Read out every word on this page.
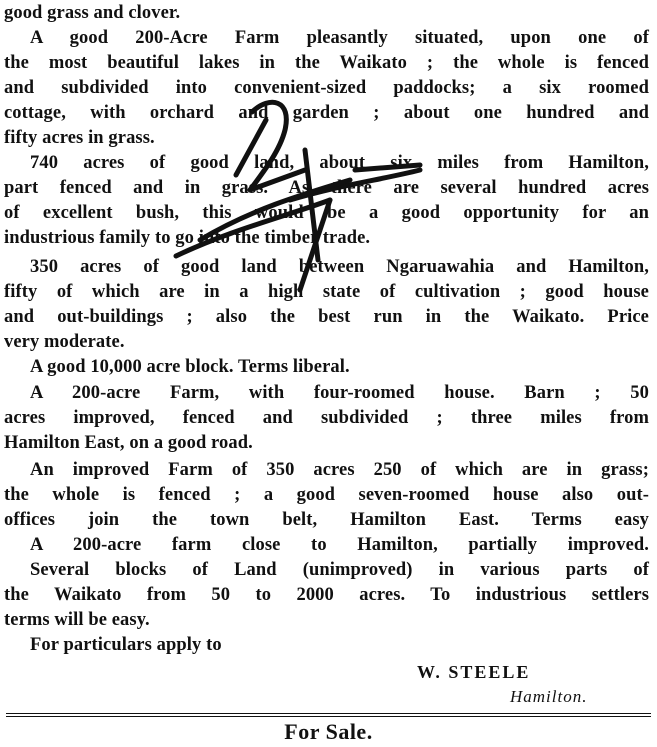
good grass and clover.
A good 200-Acre Farm pleasantly situated, upon one of
the most beautiful lakes in the Waikato ; the whole is fenced
and subdivided into convenient-sized paddocks; a six roomed
cottage, with orchard and garden ; about one hundred and
fifty acres in grass.
740 acres of good land, about six miles from Hamilton,
part fenced and in grass. As there are several hundred acres
of excellent bush, this would be a good opportunity for an
industrious family to go into the timber trade.
350 acres of good land between Ngaruawahia and Hamilton,
fifty of which are in a high state of cultivation ; good house
and out-buildings ; also the best run in the Waikato. Price
very moderate.
A good 10,000 acre block. Terms liberal.
A 200-acre Farm, with four-roomed house. Barn ; 50
acres improved, fenced and subdivided ; three miles from
Hamilton East, on a good road.
An improved Farm of 350 acres 250 of which are in grass;
the whole is fenced ; a good seven-roomed house also out-
offices join the town belt, Hamilton East. Terms easy
A 200-acre farm close to Hamilton, partially improved.
Several blocks of Land (unimproved) in various parts of
the Waikato from 50 to 2000 acres. To industrious settlers
terms will be easy.
For particulars apply to
W. STEELE
Hamilton.
For Sale.
